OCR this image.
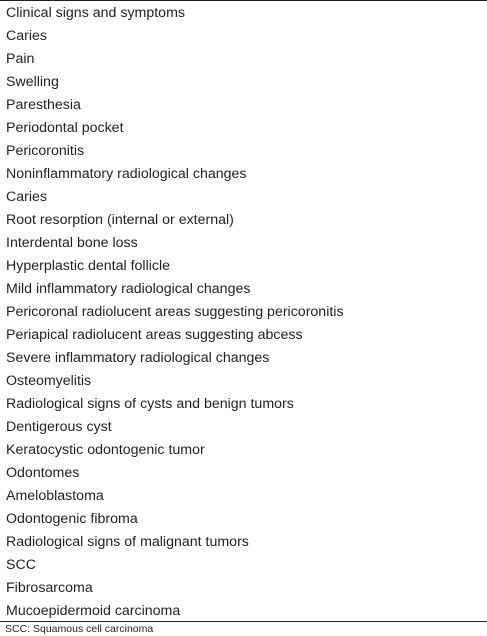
Clinical signs and symptoms
Caries
Pain
Swelling
Paresthesia
Periodontal pocket
Pericoronitis
Noninflammatory radiological changes
Caries
Root resorption (internal or external)
Interdental bone loss
Hyperplastic dental follicle
Mild inflammatory radiological changes
Pericoronal radiolucent areas suggesting pericoronitis
Periapical radiolucent areas suggesting abcess
Severe inflammatory radiological changes
Osteomyelitis
Radiological signs of cysts and benign tumors
Dentigerous cyst
Keratocystic odontogenic tumor
Odontomes
Ameloblastoma
Odontogenic fibroma
Radiological signs of malignant tumors
SCC
Fibrosarcoma
Mucoepidermoid carcinoma
SCC: Squamous cell carcinoma
